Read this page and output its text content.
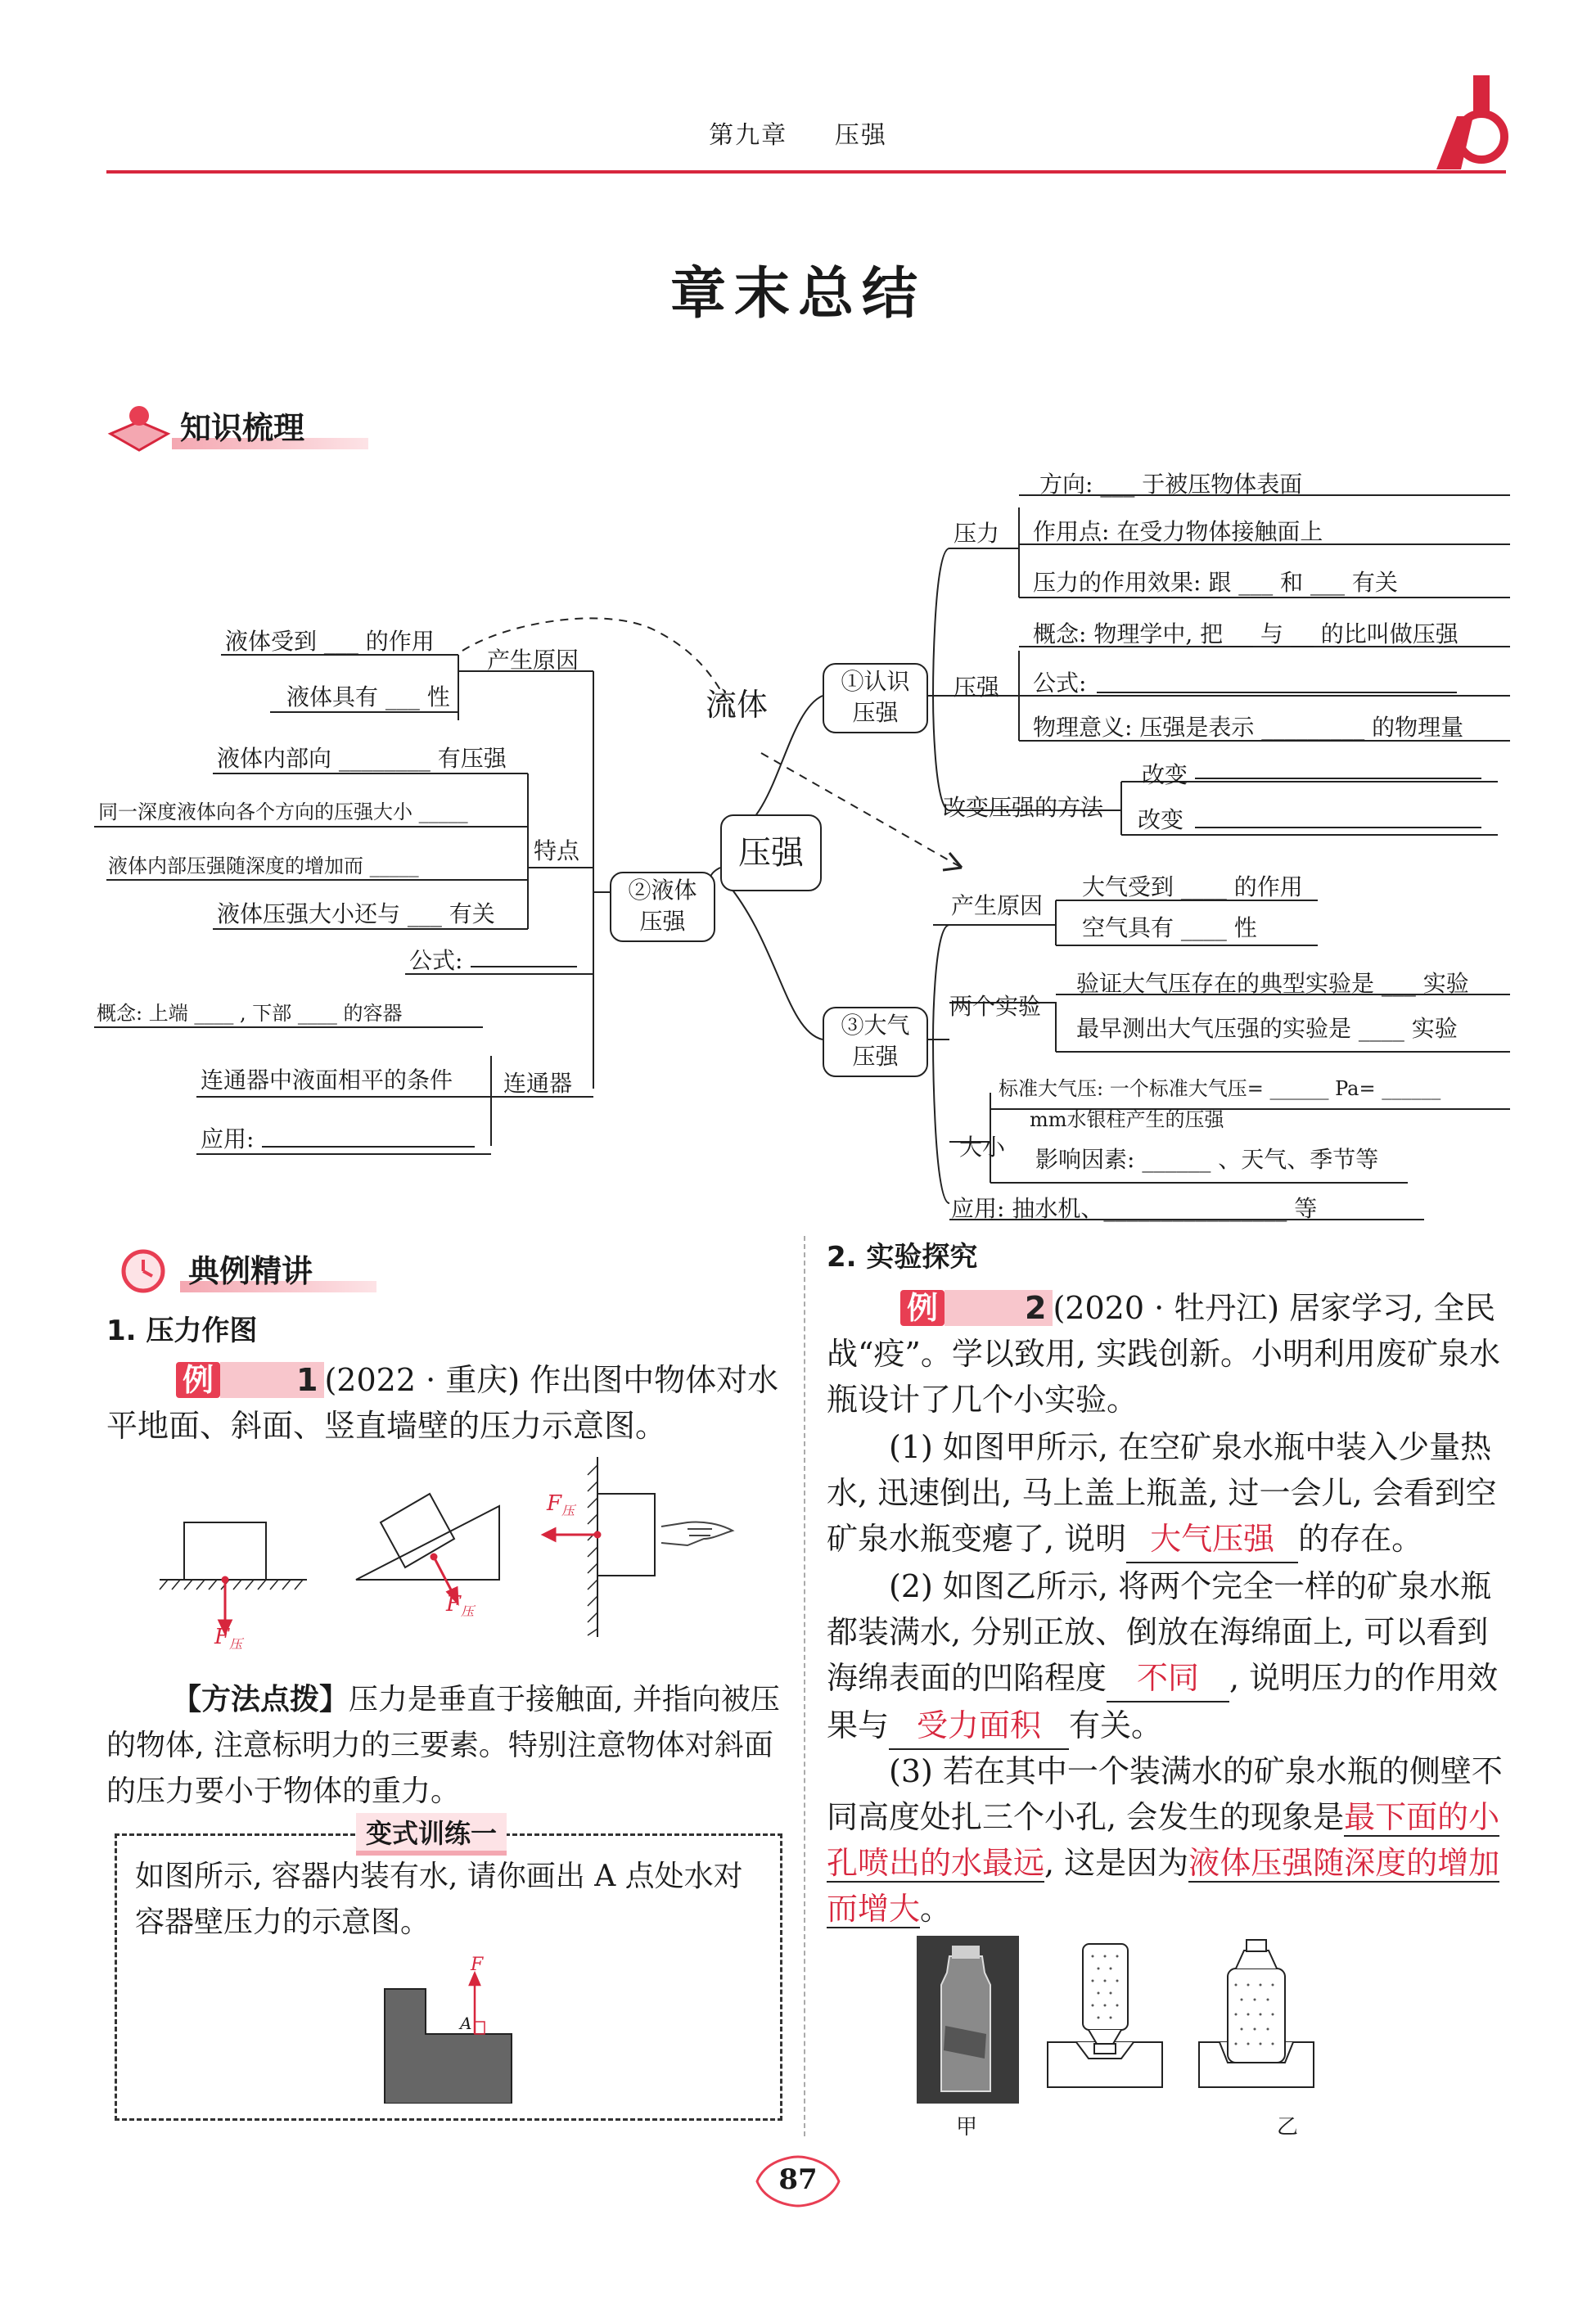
第九章 压强
章末总结
知识梳理
压强
流体
①认识
压强
②液体
压强
③大气
压强
压力
方向: ___ 于被压物体表面
作用点: 在受力物体接触面上
压力的作用效果: 跟 ___ 和 ___ 有关
压强
概念: 物理学中, 把 __ 与 __ 的比叫做压强
公式:
物理意义: 压强是表示 _________ 的物理量
改变压强的方法
改变
改变
产生原因
大气受到 ____ 的作用
空气具有 ____ 性
两个实验
验证大气压存在的典型实验是 ___ 实验
最早测出大气压强的实验是 ____ 实验
大小
标准大气压: 一个标准大气压= ______ Pa= ______
mm水银柱产生的压强
影响因素: ______ 、天气、季节等
应用: 抽水机、________________ 等
产生原因
液体受到 ___ 的作用
液体具有 ___ 性
特点
液体内部向 ________ 有压强
同一深度液体向各个方向的压强大小 _____
液体内部压强随深度的增加而 _____
液体压强大小还与 ___ 有关
公式:
概念: 上端 ____ , 下部 ____ 的容器
连通器
连通器中液面相平的条件
应用:
典例精讲
1. 压力作图
例	1 (2022 · 重庆) 作出图中物体对水平地面、斜面、竖直墙壁的压力示意图。
$F_压$
$F_压$
$F_压$
【方法点拨】压力是垂直于接触面, 并指向被压的物体, 注意标明力的三要素。特别注意物体对斜面的压力要小于物体的重力。
变式训练一
如图所示, 容器内装有水, 请你画出 A 点处水对容器壁压力的示意图。
F
A
2. 实验探究
例	2 (2020 · 牡丹江) 居家学习, 全民战“疫”。学以致用, 实践创新。小明利用废矿泉水瓶设计了几个小实验。
(1) 如图甲所示, 在空矿泉水瓶中装入少量热水, 迅速倒出, 马上盖上瓶盖, 过一会儿, 会看到空矿泉水瓶变瘪了, 说明 大气压强 的存在。
(2) 如图乙所示, 将两个完全一样的矿泉水瓶都装满水, 分别正放、倒放在海绵面上, 可以看到海绵表面的凹陷程度 不同 , 说明压力的作用效果与 受力面积 有关。
(3) 若在其中一个装满水的矿泉水瓶的侧壁不同高度处扎三个小孔, 会发生的现象是最下面的小孔喷出的水最远, 这是因为液体压强随深度的增加而增大。
甲	乙
87
